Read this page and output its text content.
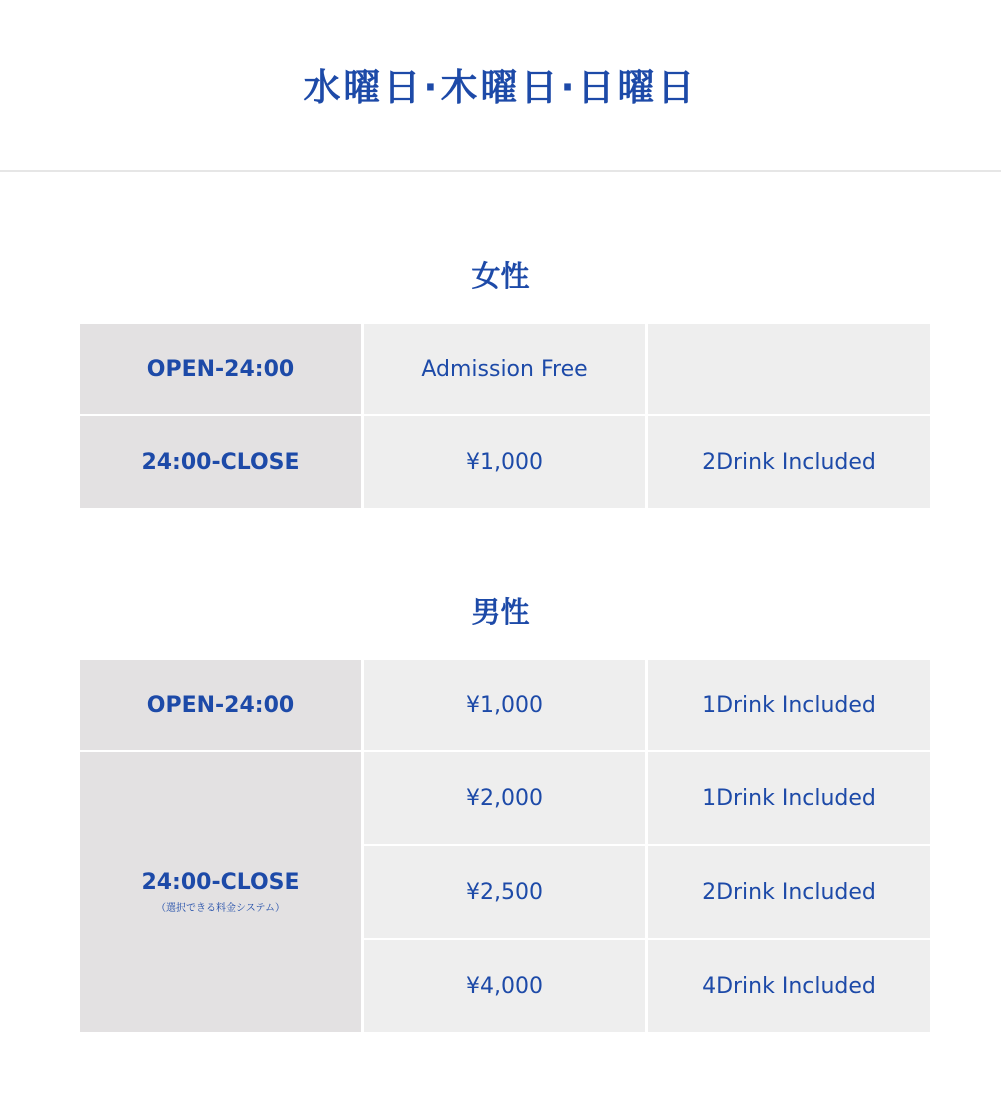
水曜日·木曜日·日曜日
女性
OPEN-24:00	Admission Free
24:00-CLOSE	¥1,000	2Drink Included
男性
OPEN-24:00	¥1,000	1Drink Included
24:00-CLOSE
（選択できる料金システム）
¥2,000	1Drink Included
¥2,500	2Drink Included
¥4,000	4Drink Included
